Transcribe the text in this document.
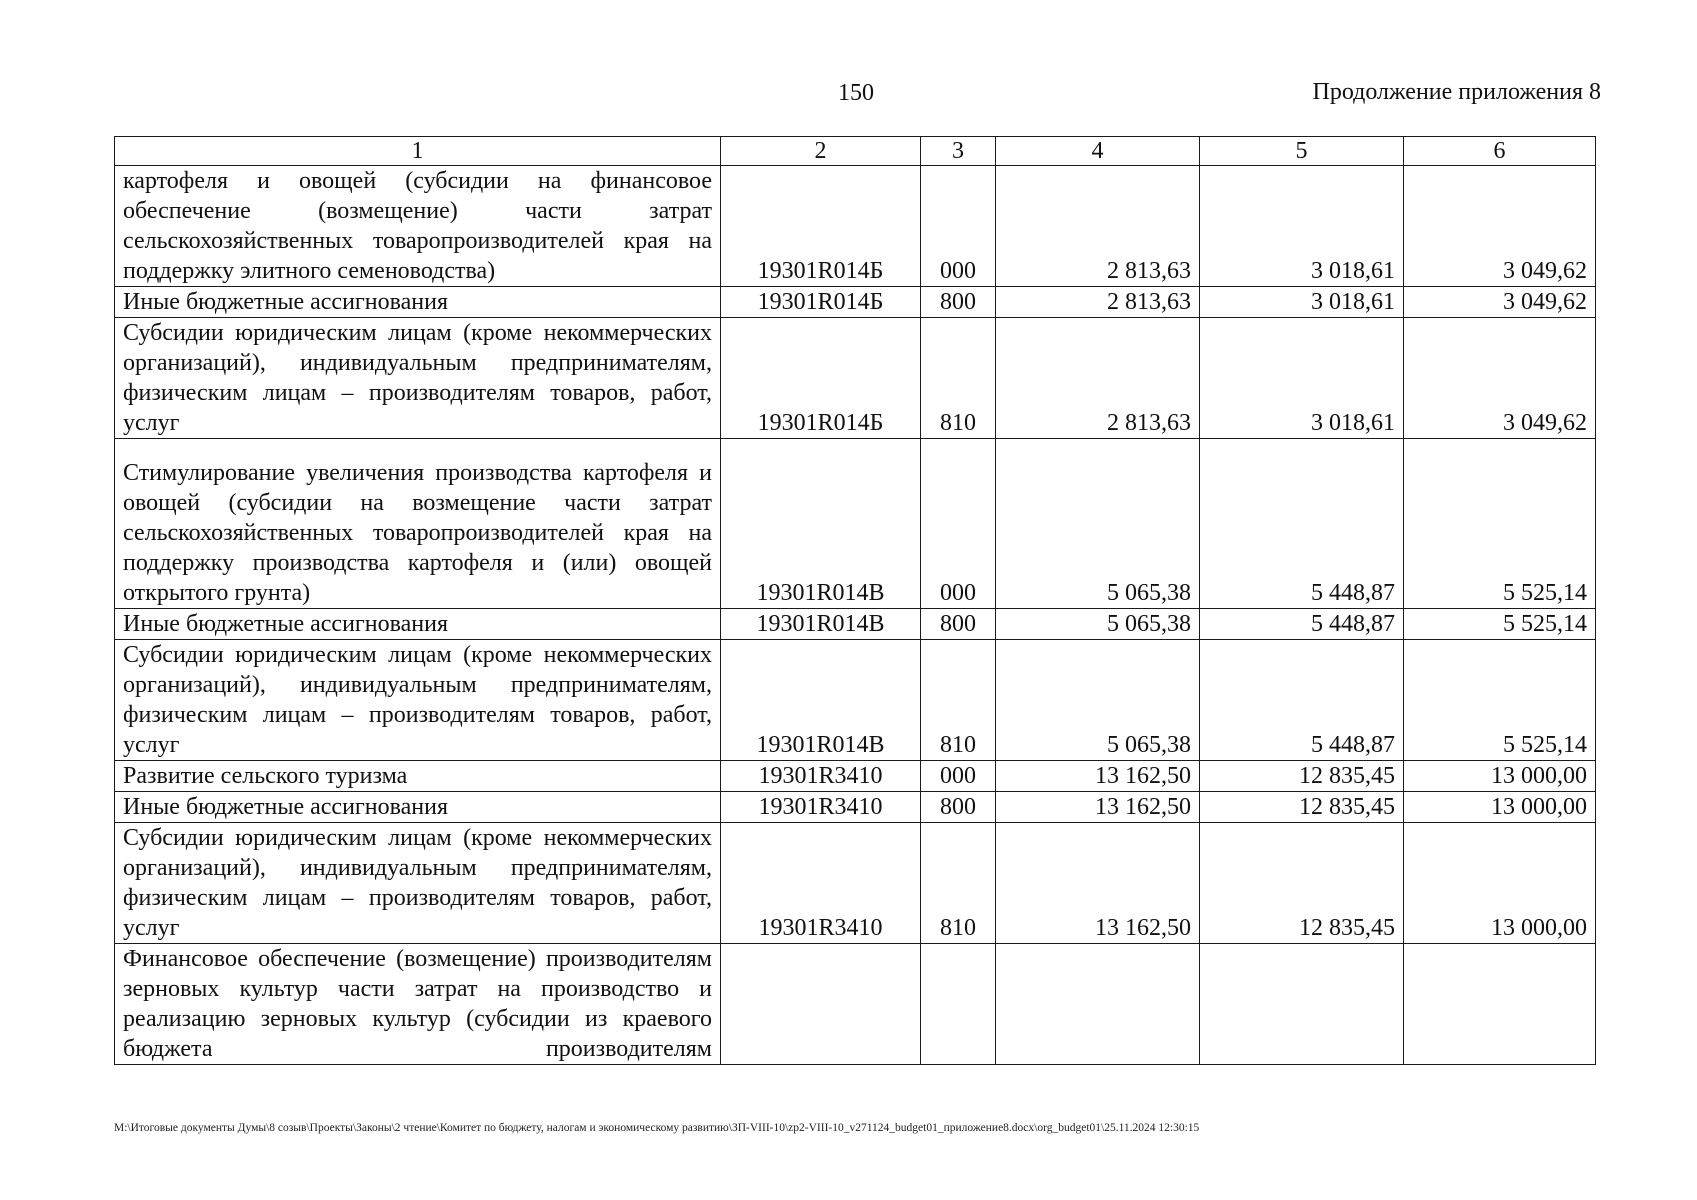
150	Продолжение приложения 8
1	2	3	4	5	6
картофеля и овощей (субсидии на финансовое обеспечение (возмещение) части затрат сельскохозяйственных товаропроизводителей края на поддержку элитного семеноводства)	19301R014Б	000	2 813,63	3 018,61	3 049,62
Иные бюджетные ассигнования	19301R014Б	800	2 813,63	3 018,61	3 049,62
Субсидии юридическим лицам (кроме некоммерческих организаций), индивидуальным предпринимателям, физическим лицам – производителям товаров, работ, услуг	19301R014Б	810	2 813,63	3 018,61	3 049,62
Стимулирование увеличения производства картофеля и овощей (субсидии на возмещение части затрат сельскохозяйственных товаропроизводителей края на поддержку производства картофеля и (или) овощей открытого грунта)	19301R014В	000	5 065,38	5 448,87	5 525,14
Иные бюджетные ассигнования	19301R014В	800	5 065,38	5 448,87	5 525,14
Субсидии юридическим лицам (кроме некоммерческих организаций), индивидуальным предпринимателям, физическим лицам – производителям товаров, работ, услуг	19301R014В	810	5 065,38	5 448,87	5 525,14
Развитие сельского туризма	19301R3410	000	13 162,50	12 835,45	13 000,00
Иные бюджетные ассигнования	19301R3410	800	13 162,50	12 835,45	13 000,00
Субсидии юридическим лицам (кроме некоммерческих организаций), индивидуальным предпринимателям, физическим лицам – производителям товаров, работ, услуг	19301R3410	810	13 162,50	12 835,45	13 000,00
Финансовое обеспечение (возмещение) производителям зерновых культур части затрат на производство и реализацию зерновых культур (субсидии из краевого бюджета производителям					
M:\Итоговые документы Думы\8 созыв\Проекты\Законы\2 чтение\Комитет по бюджету, налогам и экономическому развитию\ЗП-VIII-10\zp2-VIII-10_v271124_budget01_приложение8.docx\org_budget01\25.11.2024 12:30:15
